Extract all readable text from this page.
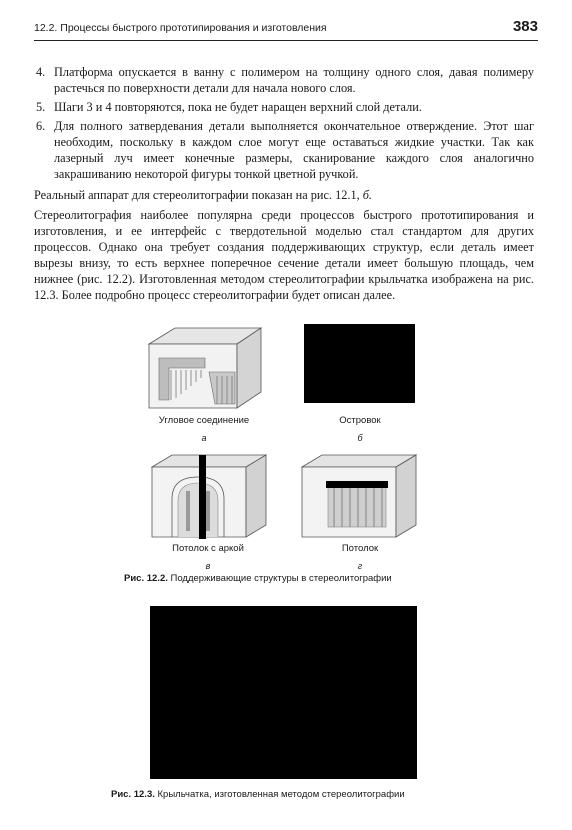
12.2. Процессы быстрого прототипирования и изготовления	383
4. Платформа опускается в ванну с полимером на толщину одного слоя, давая полимеру растечься по поверхности детали для начала нового слоя.
5. Шаги 3 и 4 повторяются, пока не будет наращен верхний слой детали.
6. Для полного затвердевания детали выполняется окончательное отверждение. Этот шаг необходим, поскольку в каждом слое могут еще оставаться жидкие участки. Так как лазерный луч имеет конечные размеры, сканирование каждого слоя аналогично закрашиванию некоторой фигуры тонкой цветной ручкой.
Реальный аппарат для стереолитографии показан на рис. 12.1, б.
Стереолитография наиболее популярна среди процессов быстрого прототипирования и изготовления, и ее интерфейс с твердотельной моделью стал стандартом для других процессов. Однако она требует создания поддерживающих структур, если деталь имеет вырезы внизу, то есть верхнее поперечное сечение детали имеет большую площадь, чем нижнее (рис. 12.2). Изготовленная методом стереолитографии крыльчатка изображена на рис. 12.3. Более подробно процесс стереолитографии будет описан далее.
Угловое соединение
а
Островок
б
Потолок с аркой
в
Потолок
г
Рис. 12.2. Поддерживающие структуры в стереолитографии
Рис. 12.3. Крыльчатка, изготовленная методом стереолитографии
